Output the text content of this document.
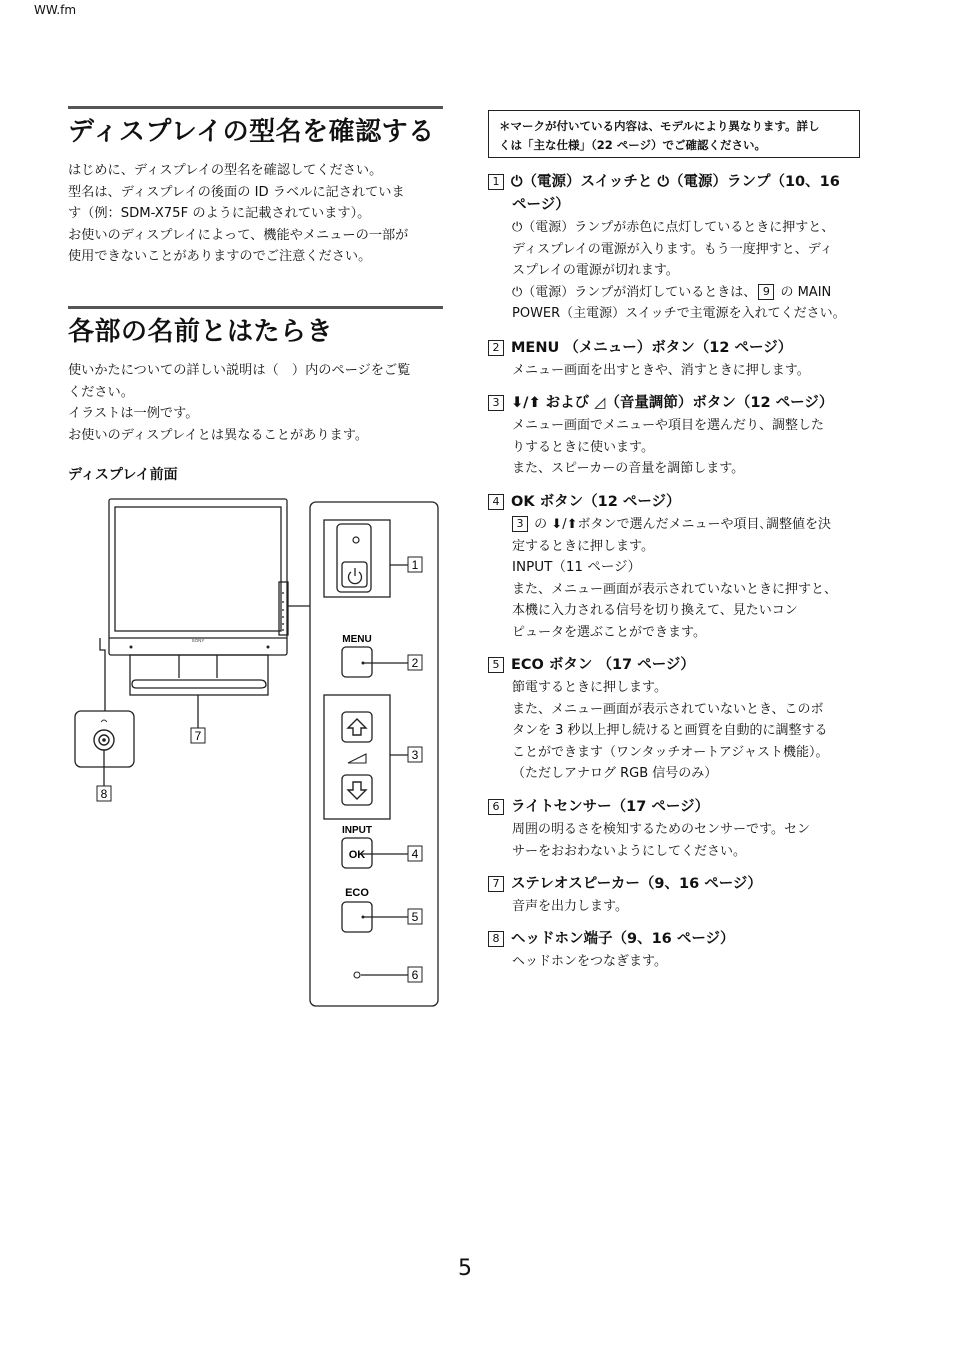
WW.fm
ディスプレイの型名を確認する
はじめに、ディスプレイの型名を確認してください。
型名は、ディスプレイの後面の ID ラベルに記されていま
す（例：SDM-X75F のように記載されています）。
お使いのディスプレイによって、機能やメニューの一部が
使用できないことがありますのでご注意ください。
各部の名前とはたらき
使いかたについての詳しい説明は（　）内のページをご覧
ください。
イラストは一例です。
お使いのディスプレイとは異なることがあります。
ディスプレイ前面
SONY	MENU
INPUT
OK
ECO
1
2
3
4
5
6
7
8
＊マークが付いている内容は、モデルにより異なります。詳し
くは「主な仕様」（22 ページ）でご確認ください。
1 ⏻（電源）スイッチと ⏻（電源）ランプ（10、16
ページ）
⏻（電源）ランプが赤色に点灯しているときに押すと、
ディスプレイの電源が入ります。もう一度押すと、ディ
スプレイの電源が切れます。
⏻（電源）ランプが消灯しているときは、 9 の MAIN
POWER（主電源）スイッチで主電源を入れてください。
2 MENU （メニュー）ボタン（12 ページ）
メニュー画面を出すときや、消すときに押します。
3 ⬇/⬆ および ◿（音量調節）ボタン（12 ページ）
メニュー画面でメニューや項目を選んだり、調整した
りするときに使います。
また、スピーカーの音量を調節します。
4 OK ボタン（12 ページ）
3 の ⬇/⬆ボタンで選んだメニューや項目､調整値を決
定するときに押します。
INPUT（11 ページ）
また、メニュー画面が表示されていないときに押すと、
本機に入力される信号を切り換えて、見たいコン
ピュータを選ぶことができます。
5 ECO ボタン （17 ページ）
節電するときに押します。
また、メニュー画面が表示されていないとき、このボ
タンを 3 秒以上押し続けると画質を自動的に調整する
ことができます（ワンタッチオートアジャスト機能）。
（ただしアナログ RGB 信号のみ）
6 ライトセンサー（17 ページ）
周囲の明るさを検知するためのセンサーです。セン
サーをおおわないようにしてください。
7 ステレオスピーカー（9、16 ページ）
音声を出力します。
8 ヘッドホン端子（9、16 ページ）
ヘッドホンをつなぎます。
5
